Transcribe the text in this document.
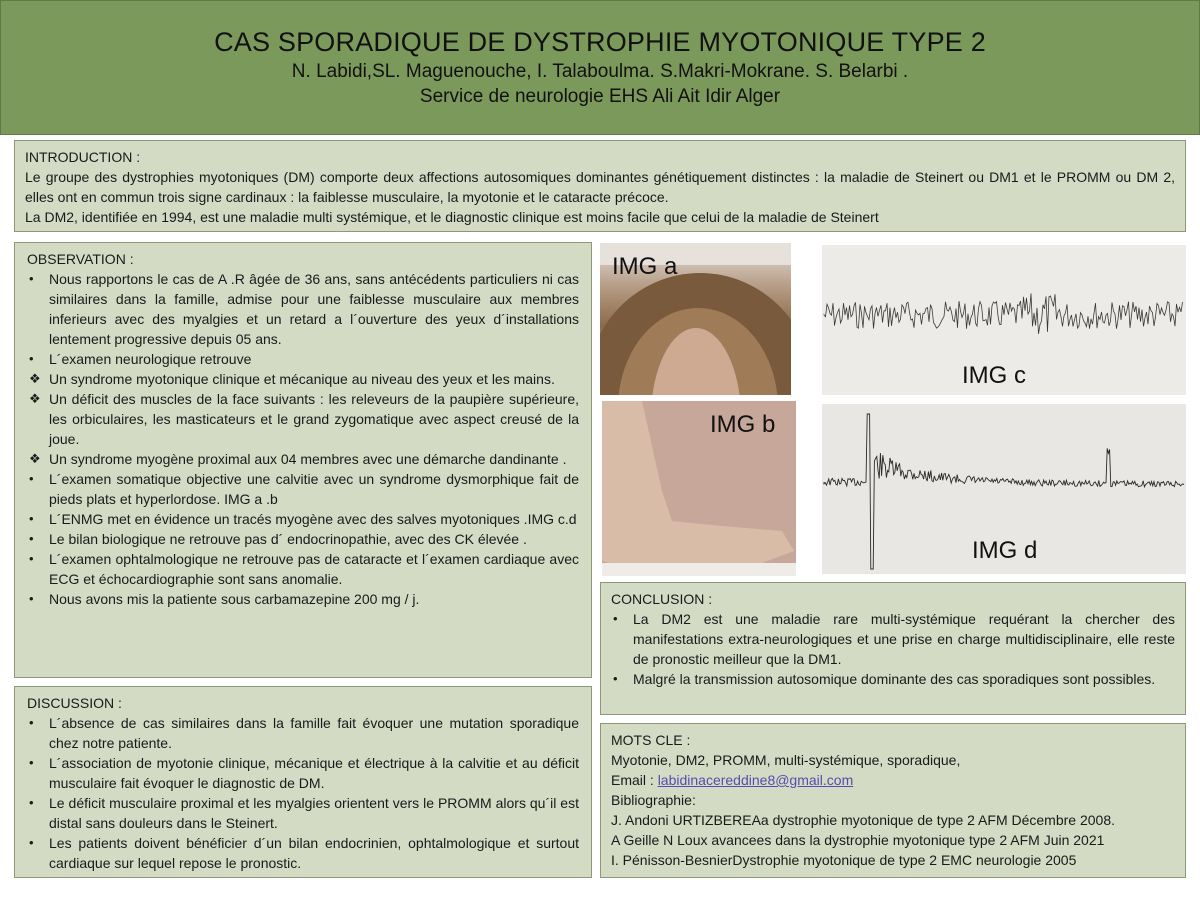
CAS SPORADIQUE DE DYSTROPHIE MYOTONIQUE TYPE 2
N. Labidi,SL. Maguenouche, I. Talaboulma. S.Makri-Mokrane. S. Belarbi .
Service de neurologie EHS Ali Ait Idir Alger

INTRODUCTION :

Le groupe des dystrophies myotoniques (DM) comporte deux affections autosomiques dominantes génétiquement distinctes : la maladie de Steinert ou DM1 et le PROMM ou DM 2, elles ont en commun trois signe cardinaux : la faiblesse musculaire, la myotonie et le cataracte précoce.

La DM2, identifiée en 1994, est une maladie multi systémique, et le diagnostic clinique est moins facile que celui de la maladie de Steinert

OBSERVATION :

• Nous rapportons le cas de A .R âgée de 36 ans, sans antécédents particuliers ni cas similaires dans la famille, admise pour une faiblesse musculaire aux membres inferieurs avec des myalgies et un retard a l´ouverture des yeux d´installations lentement progressive depuis 05 ans.
• L´examen neurologique retrouve
❖ Un syndrome myotonique clinique et mécanique au niveau des yeux et les mains.
❖ Un déficit des muscles de la face suivants : les releveurs de la paupière supérieure, les orbiculaires, les masticateurs et le grand zygomatique avec aspect creusé de la joue.
❖ Un syndrome myogène proximal aux 04 membres avec une démarche dandinante .
• L´examen somatique objective une calvitie avec un syndrome dysmorphique fait de pieds plats et hyperlordose. IMG a .b
• L´ENMG met en évidence un tracés myogène avec des salves myotoniques .IMG c.d
• Le bilan biologique ne retrouve pas d´ endocrinopathie, avec des CK élevée .
• L´examen ophtalmologique ne retrouve pas de cataracte et l´examen cardiaque avec ECG et échocardiographie sont sans anomalie.
• Nous avons mis la patiente sous carbamazepine 200 mg / j.

DISCUSSION :

• L´absence de cas similaires dans la famille fait évoquer une mutation sporadique chez notre patiente.
• L´association de myotonie clinique, mécanique et électrique à la calvitie et au déficit musculaire fait évoquer le diagnostic de DM.
• Le déficit musculaire proximal et les myalgies orientent vers le PROMM alors qu´il est distal sans douleurs dans le Steinert.
• Les patients doivent bénéficier d´un bilan endocrinien, ophtalmologique et surtout cardiaque sur lequel repose le pronostic.
IMG a
IMG b
IMG c
IMG d

CONCLUSION :

• La DM2 est une maladie rare multi-systémique requérant la chercher des manifestations extra-neurologiques et une prise en charge multidisciplinaire, elle reste de pronostic meilleur que la DM1.
• Malgré la transmission autosomique dominante des cas sporadiques sont possibles.

MOTS CLE :

Myotonie, DM2, PROMM, multi-systémique, sporadique,

Email : labidinacereddine8@gmail.com

Bibliographie:

J. Andoni URTIZBEREAa dystrophie myotonique de type 2 AFM Décembre 2008.

A Geille N Loux avancees dans la dystrophie myotonique type 2 AFM Juin 2021

I. Pénisson-BesnierDystrophie myotonique de type 2 EMC neurologie 2005
